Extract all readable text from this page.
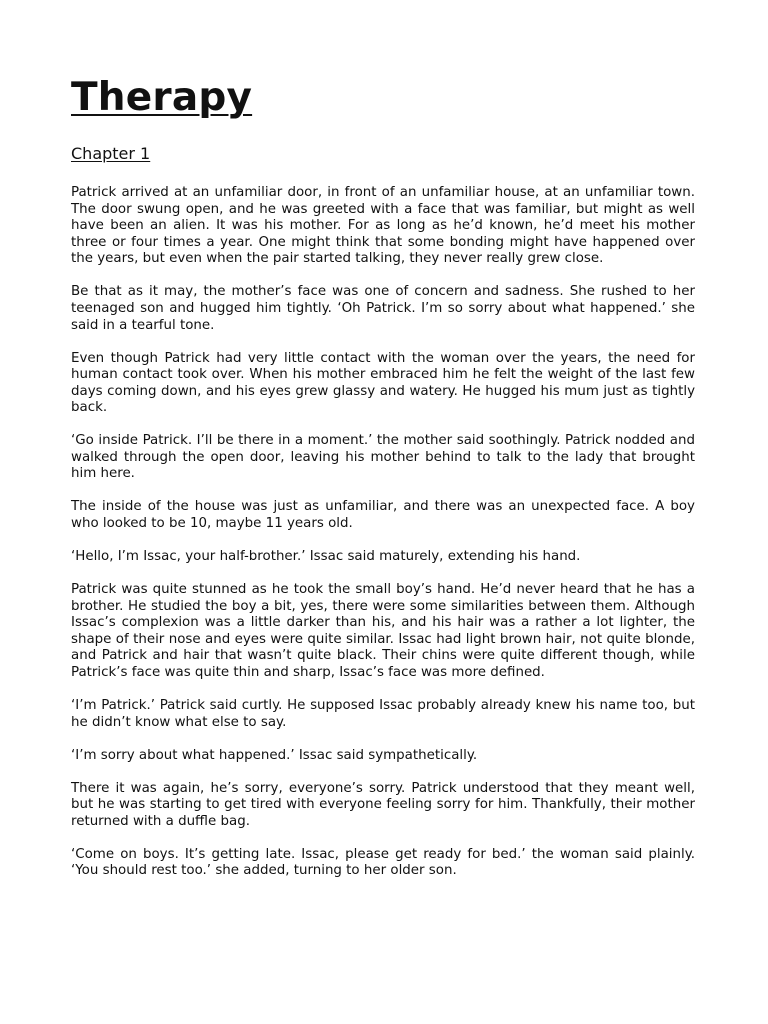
Therapy
Chapter 1

Patrick arrived at an unfamiliar door, in front of an unfamiliar house, at an unfamiliar town. The door swung open, and he was greeted with a face that was familiar, but might as well have been an alien. It was his mother. For as long as he’d known, he’d meet his mother three or four times a year. One might think that some bonding might have happened over the years, but even when the pair started talking, they never really grew close.

Be that as it may, the mother’s face was one of concern and sadness. She rushed to her teenaged son and hugged him tightly. ‘Oh Patrick. I’m so sorry about what happened.’ she said in a tearful tone.

Even though Patrick had very little contact with the woman over the years, the need for human contact took over. When his mother embraced him he felt the weight of the last few days coming down, and his eyes grew glassy and watery. He hugged his mum just as tightly back.

‘Go inside Patrick. I’ll be there in a moment.’ the mother said soothingly. Patrick nodded and walked through the open door, leaving his mother behind to talk to the lady that brought him here.

The inside of the house was just as unfamiliar, and there was an unexpected face. A boy who looked to be 10, maybe 11 years old.

‘Hello, I’m Issac, your half-brother.’ Issac said maturely, extending his hand.

Patrick was quite stunned as he took the small boy’s hand. He’d never heard that he has a brother. He studied the boy a bit, yes, there were some similarities between them. Although Issac’s complexion was a little darker than his, and his hair was a rather a lot lighter, the shape of their nose and eyes were quite similar. Issac had light brown hair, not quite blonde, and Patrick and hair that wasn’t quite black. Their chins were quite different though, while Patrick’s face was quite thin and sharp, Issac’s face was more defined.

‘I’m Patrick.’ Patrick said curtly. He supposed Issac probably already knew his name too, but he didn’t know what else to say.

‘I’m sorry about what happened.’ Issac said sympathetically.

There it was again, he’s sorry, everyone’s sorry. Patrick understood that they meant well, but he was starting to get tired with everyone feeling sorry for him. Thankfully, their mother returned with a duffle bag.

‘Come on boys. It’s getting late. Issac, please get ready for bed.’ the woman said plainly. ‘You should rest too.’ she added, turning to her older son.
